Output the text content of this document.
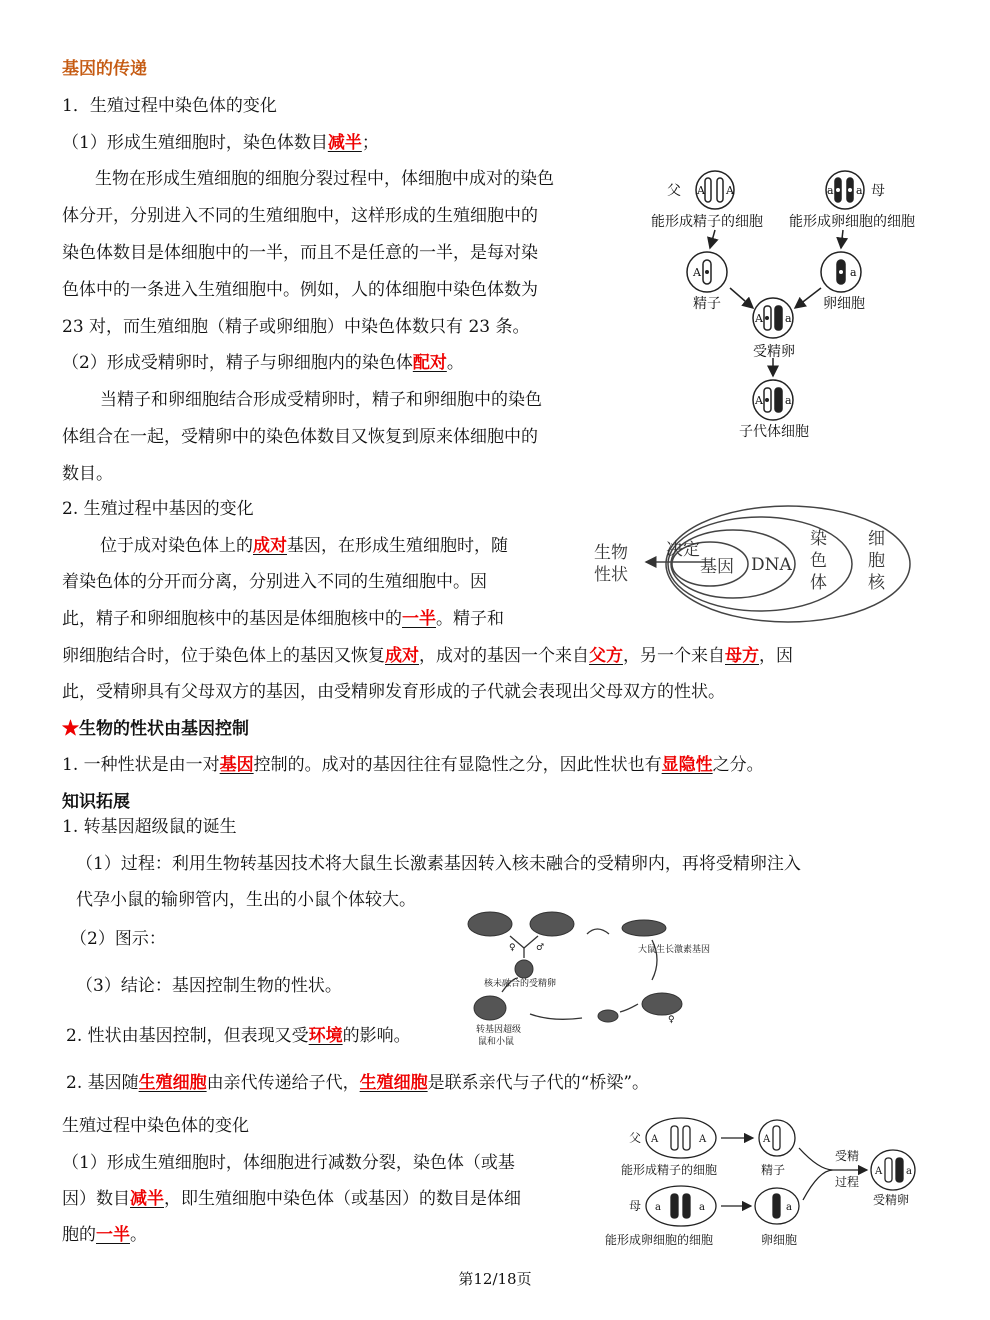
基因的传递
1．生殖过程中染色体的变化
（1）形成生殖细胞时，染色体数目减半；
生物在形成生殖细胞的细胞分裂过程中，体细胞中成对的染色
体分开，分别进入不同的生殖细胞中，这样形成的生殖细胞中的
染色体数目是体细胞中的一半，而且不是任意的一半，是每对染
色体中的一条进入生殖细胞中。例如，人的体细胞中染色体数为
23 对，而生殖细胞（精子或卵细胞）中染色体数只有 23 条。
（2）形成受精卵时，精子与卵细胞内的染色体配对。
当精子和卵细胞结合形成受精卵时，精子和卵细胞中的染色
体组合在一起，受精卵中的染色体数目又恢复到原来体细胞中的
数目。
A A	a a
A	a
A a
A a
父	母
能形成精子的细胞 能形成卵细胞的细胞
精子	卵细胞
受精卵
子代体细胞
2. 生殖过程中基因的变化
位于成对染色体上的成对基因，在形成生殖细胞时，随
着染色体的分开而分离，分别进入不同的生殖细胞中。因
此，精子和卵细胞核中的基因是体细胞核中的一半。精子和
卵细胞结合时，位于染色体上的基因又恢复成对，成对的基因一个来自父方，另一个来自母方，因
此，受精卵具有父母双方的基因，由受精卵发育形成的子代就会表现出父母双方的性状。
生物
性状
决定
基因 DNA
染
色
体
细
胞
核
★生物的性状由基因控制
1. 一种性状是由一对基因控制的。成对的基因往往有显隐性之分，因此性状也有显隐性之分。
知识拓展
1. 转基因超级鼠的诞生
（1）过程：利用生物转基因技术将大鼠生长激素基因转入核未融合的受精卵内，再将受精卵注入
代孕小鼠的输卵管内，生出的小鼠个体较大。
（2）图示：
（3）结论：基因控制生物的性状。
2. 性状由基因控制，但表现又受环境的影响。
♀ ♂
核未融合的受精卵
大鼠生长激素基因
♀
转基因超级
鼠和小鼠
2. 基因随生殖细胞由亲代传递给子代，生殖细胞是联系亲代与子代的“桥梁”。
生殖过程中染色体的变化
（1）形成生殖细胞时，体细胞进行减数分裂，染色体（或基
因）数目减半，即生殖细胞中染色体（或基因）的数目是体细
胞的一半。
A	A
a	a
A
a
A a
父
母
能形成精子的细胞	精子
能形成卵细胞的细胞	卵细胞
受精
过程
受精卵
第12/18页
